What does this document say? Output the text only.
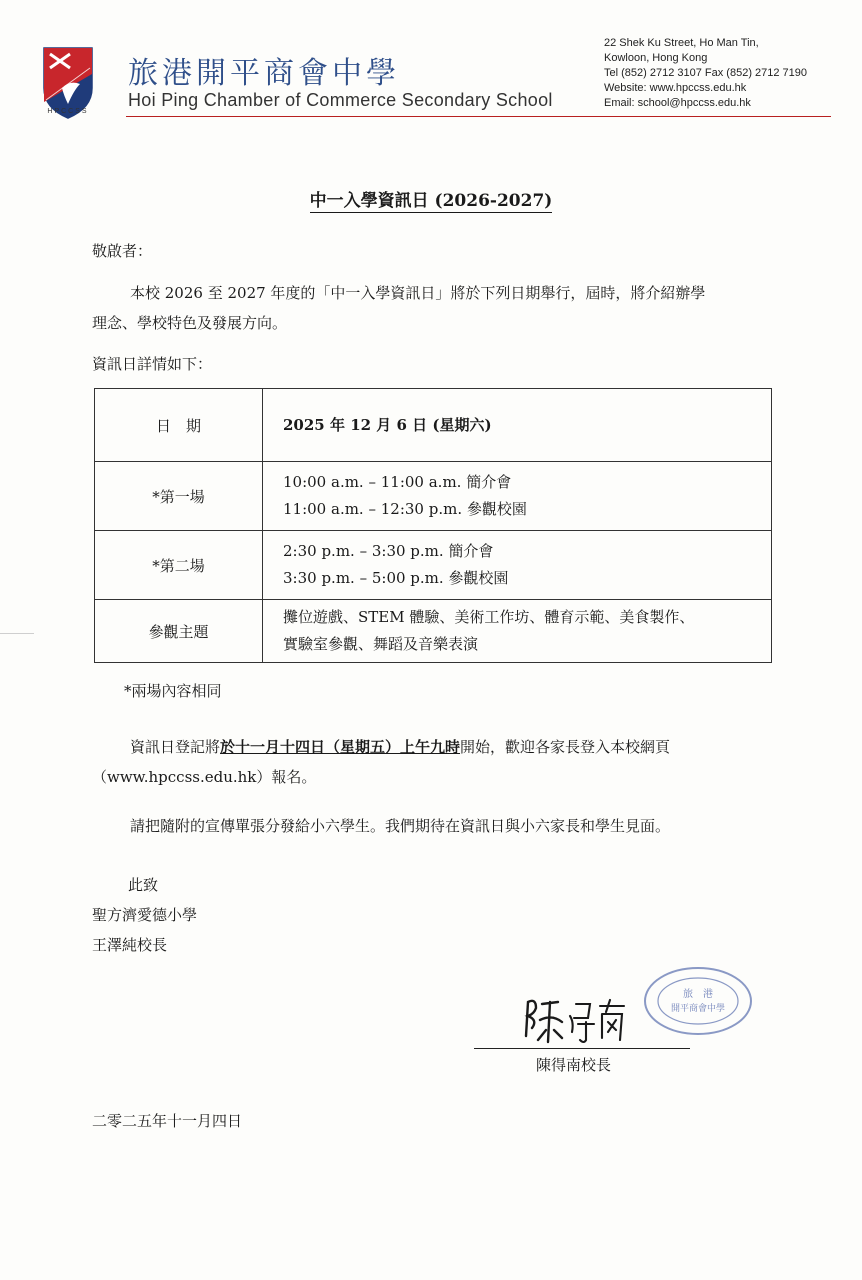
HPCCSS
旅港開平商會中學
Hoi Ping Chamber of Commerce Secondary School
22 Shek Ku Street, Ho Man Tin,
Kowloon, Hong Kong
Tel (852) 2712 3107 Fax (852) 2712 7190
Website: www.hpccss.edu.hk
Email: school@hpccss.edu.hk
中一入學資訊日 (2026-2027)
敬啟者：
本校 2026 至 2027 年度的「中一入學資訊日」將於下列日期舉行，屆時，將介紹辦學
理念、學校特色及發展方向。
資訊日詳情如下：
日　期	2025 年 12 月 6 日 (星期六)
*第一場	10:00 a.m. – 11:00 a.m. 簡介會
11:00 a.m. – 12:30 p.m. 參觀校園

*第二場	2:30 p.m. – 3:30 p.m. 簡介會
3:30 p.m. – 5:00 p.m. 參觀校園

參觀主題	攤位遊戲、STEM 體驗、美術工作坊、體育示範、美食製作、
實驗室參觀、舞蹈及音樂表演
*兩場內容相同
資訊日登記將於十一月十四日（星期五）上午九時開始，歡迎各家長登入本校網頁
（www.hpccss.edu.hk）報名。
請把隨附的宣傳單張分發給小六學生。我們期待在資訊日與小六家長和學生見面。
此致
聖方濟愛德小學
王澤純校長
旅　港
開平商會中學
陳得南校長
二零二五年十一月四日
